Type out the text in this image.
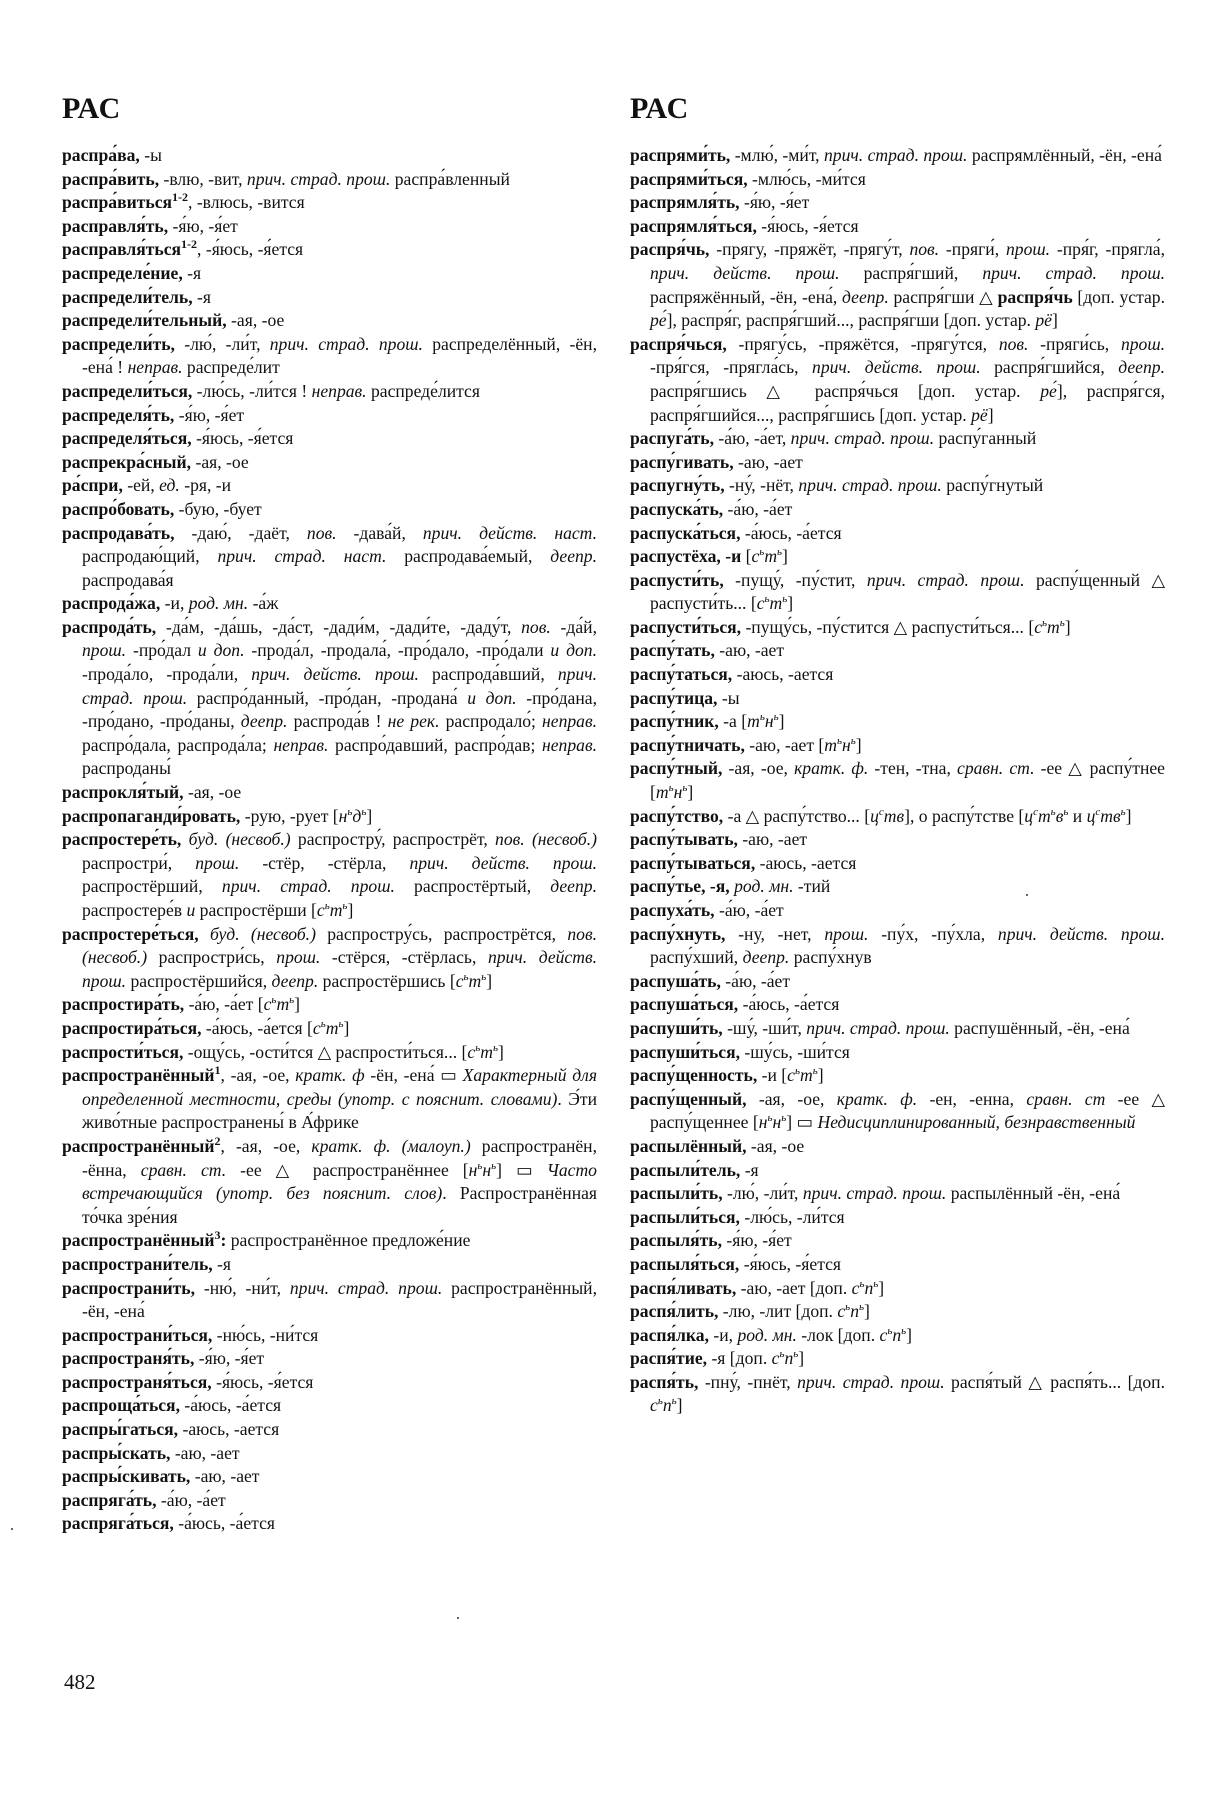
РАС

распра́ва, -ы

распра́вить, -влю, -вит, прич. страд. прош. распра́вленный

распра́виться$^{1-2}$, -влюсь, -вится

расправля́ть, -я́ю, -я́ет

расправля́ться$^{1-2}$, -я́юсь, -я́ется

распределе́ние, -я

распредели́тель, -я

распредели́тельный, -ая, -ое

распредели́ть, -лю́, -ли́т, прич. страд. прош. распределённый, -ён, -ена́ ! неправ. распреде́лит

распредели́ться, -лю́сь, -ли́тся ! неправ. распреде́лится

распределя́ть, -я́ю, -я́ет

распределя́ться, -я́юсь, -я́ется

распрекра́сный, -ая, -ое

ра́спри, -ей, ед. -ря, -и

распро́бовать, -бую, -бует

распродава́ть, -даю́, -даёт, пов. -дава́й, прич. действ. наст. распродаю́щий, прич. страд. наст. распродава́емый, деепр. распродава́я

распрода́жа, -и, род. мн. -а́ж

распрода́ть, -да́м, -да́шь, -да́ст, -дади́м, -дади́те, -даду́т, пов. -да́й, прош. -про́дал и доп. -прода́л, -продала́, -про́дало, -про́дали и доп. -прода́ло, -прода́ли, прич. действ. прош. распрода́вший, прич. страд. прош. распро́данный, -про́дан, -продана́ и доп. -про́дана, -про́дано, -про́даны, деепр. распрода́в ! не рек. распродало́; неправ. распро́дала, распрода́ла; неправ. распро́давший, распро́дав; неправ. распроданы́

распрокля́тый, -ая, -ое

распропаганди́ровать, -рую, -рует $[н^ьд^ь]$

распростере́ть, буд. (несвоб.) распростру́, распрострёт, пов. (несвоб.) распростри́, прош. -стёр, -стёрла, прич. действ. прош. распростёрший, прич. страд. прош. распростёртый, деепр. распростере́в и распростёрши $[с^ьт^ь]$

распростере́ться, буд. (несвоб.) распростру́сь, распрострётся, пов. (несвоб.) распростри́сь, прош. -стёрся, -стёрлась, прич. действ. прош. распростёршийся, деепр. распростёршись $[с^ьт^ь]$

распростира́ть, -а́ю, -а́ет $[с^ьт^ь]$

распростира́ться, -а́юсь, -а́ется $[с^ьт^ь]$

распрости́ться, -ощу́сь, -ости́тся △ распрости́ться... $[с^ьт^ь]$

распространённый$^1$, -ая, -ое, кратк. ф -ён, -ена́ ▭ Характерный для определенной местности, среды (употр. с пояснит. словами). Э́ти живо́тные распространены́ в А́фрике

распространённый$^2$, -ая, -ое, кратк. ф. (малоуп.) распространён, -ённа, сравн. ст. -ее △ распространённее $[н^ьн^ь]$ ▭ Часто встречающийся (употр. без пояснит. слов). Распространённая то́чка зре́ния

распространённый$^3$: распространённое предложе́ние

распространи́тель, -я

распространи́ть, -ню́, -ни́т, прич. страд. прош. распространённый, -ён, -ена́

распространи́ться, -ню́сь, -ни́тся

распространя́ть, -я́ю, -я́ет

распространя́ться, -я́юсь, -я́ется

распроща́ться, -а́юсь, -а́ется

распры́гаться, -аюсь, -ается

распры́скать, -аю, -ает

распры́скивать, -аю, -ает

распряга́ть, -а́ю, -а́ет

распряга́ться, -а́юсь, -а́ется

РАС

распрями́ть, -млю́, -ми́т, прич. страд. прош. распрямлённый, -ён, -ена́

распрями́ться, -млю́сь, -ми́тся

распрямля́ть, -я́ю, -я́ет

распрямля́ться, -я́юсь, -я́ется

распря́чь, -прягу, -пряжёт, -прягу́т, пов. -пряги́, прош. -пря́г, -прягла́, прич. действ. прош. распря́гший, прич. страд. прош. распряжённый, -ён, -ена́, деепр. распря́гши △ распря́чь [доп. устар. ре́], распря́г, распря́гший..., распря́гши [доп. устар. рё]

распря́чься, -прягу́сь, -пряжётся, -прягу́тся, пов. -пряги́сь, прош. -пря́гся, -прягла́сь, прич. действ. прош. распря́гшийся, деепр. распря́гшись △ распря́чься [доп. устар. ре́], распря́гся, распря́гшийся..., распря́гшись [доп. устар. рё]

распуга́ть, -а́ю, -а́ет, прич. страд. прош. распу́ганный

распу́гивать, -аю, -ает

распугну́ть, -ну́, -нёт, прич. страд. прош. распу́гнутый

распуска́ть, -а́ю, -а́ет

распуска́ться, -а́юсь, -а́ется

распустёха, -и $[с^ьт^ь]$

распусти́ть, -пущу́, -пу́стит, прич. страд. прош. распу́щенный △ распусти́ть... $[с^ьт^ь]$

распусти́ться, -пущу́сь, -пу́стится △ распусти́ться... $[с^ьт^ь]$

распу́тать, -аю, -ает

распу́таться, -аюсь, -ается

распу́тица, -ы

распу́тник, -а $[т^ьн^ь]$

распу́тничать, -аю, -ает $[т^ьн^ь]$

распу́тный, -ая, -ое, кратк. ф. -тен, -тна, сравн. ст. -ее △ распу́тнее $[т^ьн^ь]$

распу́тство, -а △ распу́тство... $[ц^ств]$, о распу́тстве [$ц^ст^ьв^ь$ и $ц^ств^ь$]

распу́тывать, -аю, -ает

распу́тываться, -аюсь, -ается

распу́тье, -я, род. мн. -тий

распуха́ть, -а́ю, -а́ет

распу́хнуть, -ну, -нет, прош. -пу́х, -пу́хла, прич. действ. прош. распу́хший, деепр. распу́хнув

распуша́ть, -а́ю, -а́ет

распуша́ться, -а́юсь, -а́ется

распуши́ть, -шу́, -ши́т, прич. страд. прош. распушённый, -ён, -ена́

распуши́ться, -шу́сь, -ши́тся

распу́щенность, -и $[с^ьт^ь]$

распу́щенный, -ая, -ое, кратк. ф. -ен, -енна, сравн. ст -ее △ распу́щеннее $[н^ьн^ь]$ ▭ Недисциплинированный, безнравственный

распылённый, -ая, -ое

распыли́тель, -я

распыли́ть, -лю́, -ли́т, прич. страд. прош. распылённый -ён, -ена́

распыли́ться, -лю́сь, -ли́тся

распыля́ть, -я́ю, -я́ет

распыля́ться, -я́юсь, -я́ется

распя́ливать, -аю, -ает [доп. $с^ьп^ь$]

распя́лить, -лю, -лит [доп. $с^ьп^ь$]

распя́лка, -и, род. мн. -лок [доп. $с^ьп^ь$]

распя́тие, -я [доп. $с^ьп^ь$]

распя́ть, -пну́, -пнёт, прич. страд. прош. распя́тый △ распя́ть... [доп. $с^ьп^ь$]

482
